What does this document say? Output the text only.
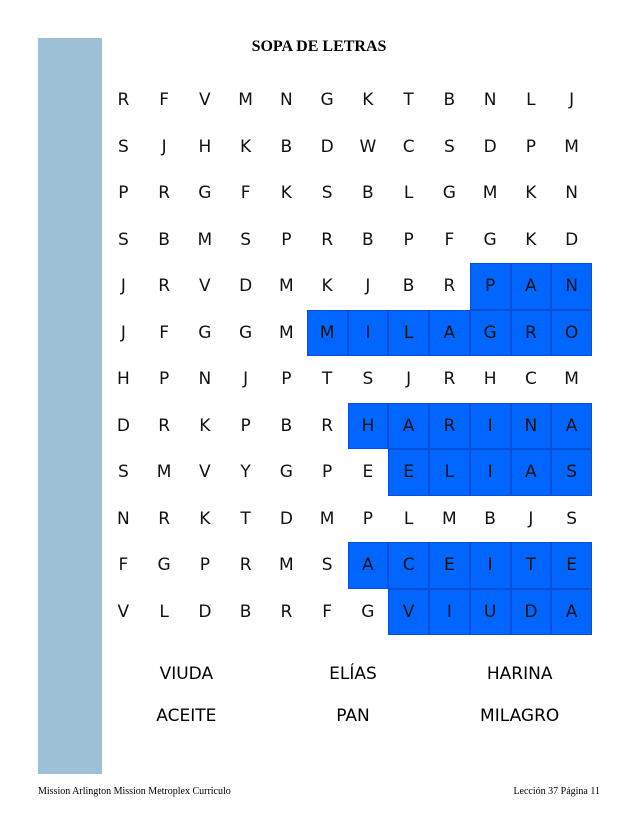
SOPA DE LETRAS
R	F	V	M	N	G	K	T	B	N	L	J
S	J	H	K	B	D	W	C	S	D	P	M
P	R	G	F	K	S	B	L	G	M	K	N
S	B	M	S	P	R	B	P	F	G	K	D
J	R	V	D	M	K	J	B	R	P	A	N
J	F	G	G	M	M	I	L	A	G	R	O
H	P	N	J	P	T	S	J	R	H	C	M
D	R	K	P	B	R	H	A	R	I	N	A
S	M	V	Y	G	P	E	E	L	I	A	S
N	R	K	T	D	M	P	L	M	B	J	S
F	G	P	R	M	S	A	C	E	I	T	E
V	L	D	B	R	F	G	V	I	U	D	A
VIUDA	ELÍAS	HARINA
ACEITE	PAN	MILAGRO
Mission Arlington Mission Metroplex Curriculo	Lección 37 Página 11
